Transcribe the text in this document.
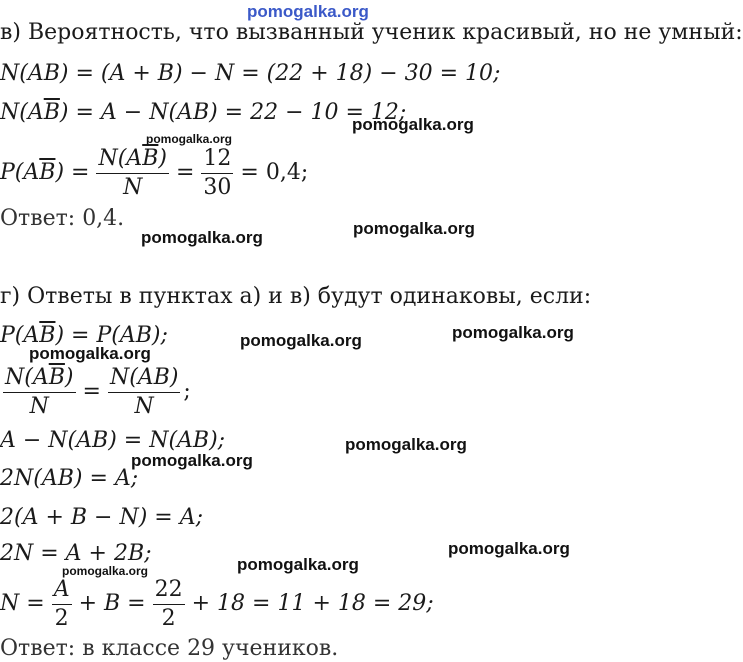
pomogalka.org
в) Вероятность, что вызванный ученик красивый, но не умный:
N(AB) = (A + B) − N = (22 + 18) − 30 = 10;
$N(A\overline{B}) = A - N(AB) = 22 - 10 = 12$;
P(A $\overline{B}$ ) = $\frac{N(A\overline{B})}{N} = \frac{12}{30} = 0,4$;
Ответ: 0,4.
г) Ответы в пунктах а) и в) будут одинаковы, если:
$P(A\overline{B}) = P(AB)$;
$\frac{N(A\overline{B})}{N} = \frac{N(AB)}{N}$ ;
A − N(AB) = N(AB);
2N(AB) = A;
2(A + B − N) = A;
2N = A + 2B;
$N = \frac{A}{2} + B = \frac{22}{2} + 18 = 11 + 18 = 29$;
Ответ: в классе 29 учеников.
pomogalka.org
pomogalka.org
pomogalka.org
pomogalka.org
pomogalka.org
pomogalka.org
pomogalka.org
pomogalka.org
pomogalka.org
pomogalka.org
pomogalka.org
pomogalka.org
